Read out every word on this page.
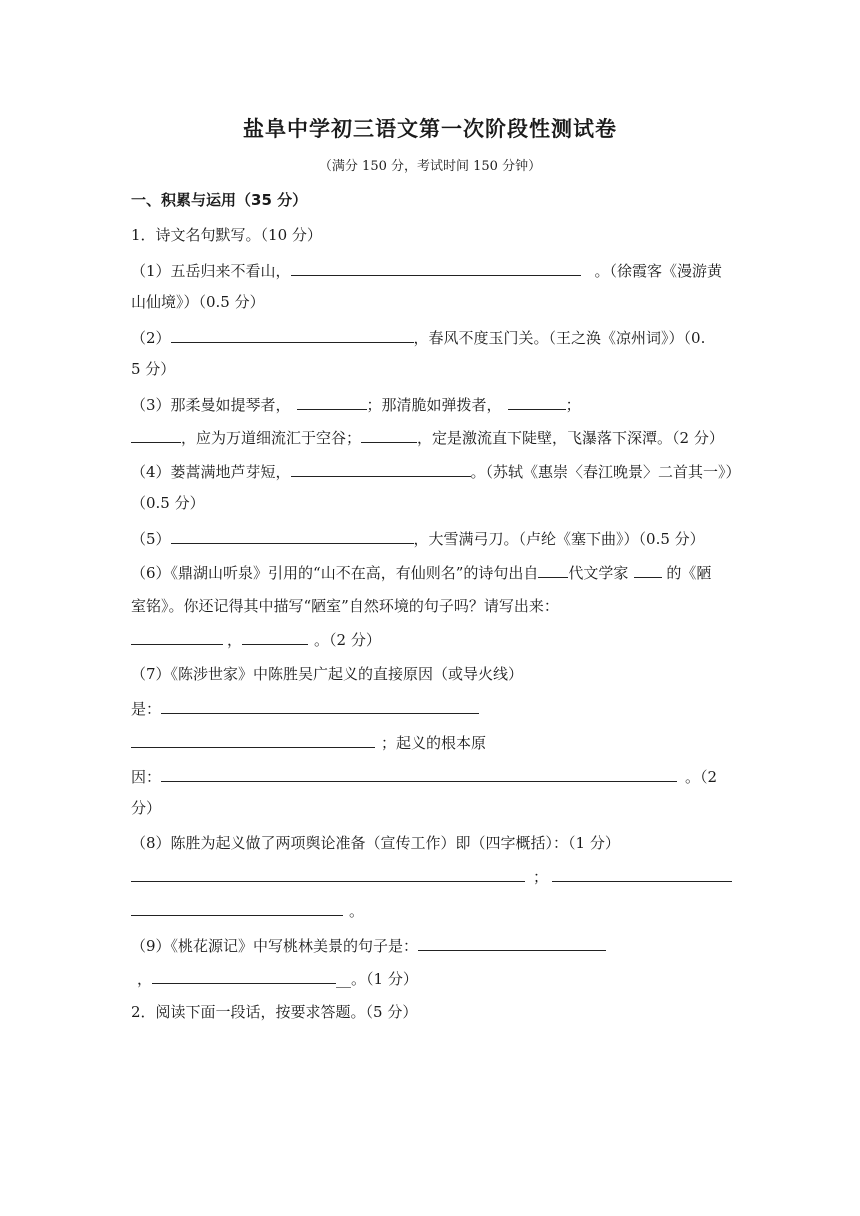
盐阜中学初三语文第一次阶段性测试卷
（满分 150 分，考试时间 150 分钟）
一、积累与运用（35 分）
1．诗文名句默写。（10 分）
（1）五岳归来不看山，	。（徐霞客《漫游黄
山仙境》）（0.5 分）
（2）	，春风不度玉门关。（王之涣《凉州词》）（0.
5 分）
（3）那柔曼如提琴者，	；那清脆如弹拨者，	；
，应为万道细流汇于空谷；	，定是激流直下陡壁，飞瀑落下深潭。（2 分）
（4）蒌蒿满地芦芽短，	。（苏轼《惠崇〈春江晚景〉二首其一》）
（0.5 分）
（5）	，大雪满弓刀。（卢纶《塞下曲》）（0.5 分）
（6）《鼎湖山听泉》引用的“山不在高，有仙则名”的诗句出自 代文学家	的《陋
室铭》。你还记得其中描写“陋室”自然环境的句子吗？请写出来：
，	。（2 分）
（7）《陈涉世家》中陈胜吴广起义的直接原因（或导火线）
是：
；起义的根本原
因：	。（2
分）
（8）陈胜为起义做了两项舆论准备（宣传工作）即（四字概括）：（1 分）
；
。
（9）《桃花源记》中写桃林美景的句子是：
，	__。（1 分）
2．阅读下面一段话，按要求答题。（5 分）
